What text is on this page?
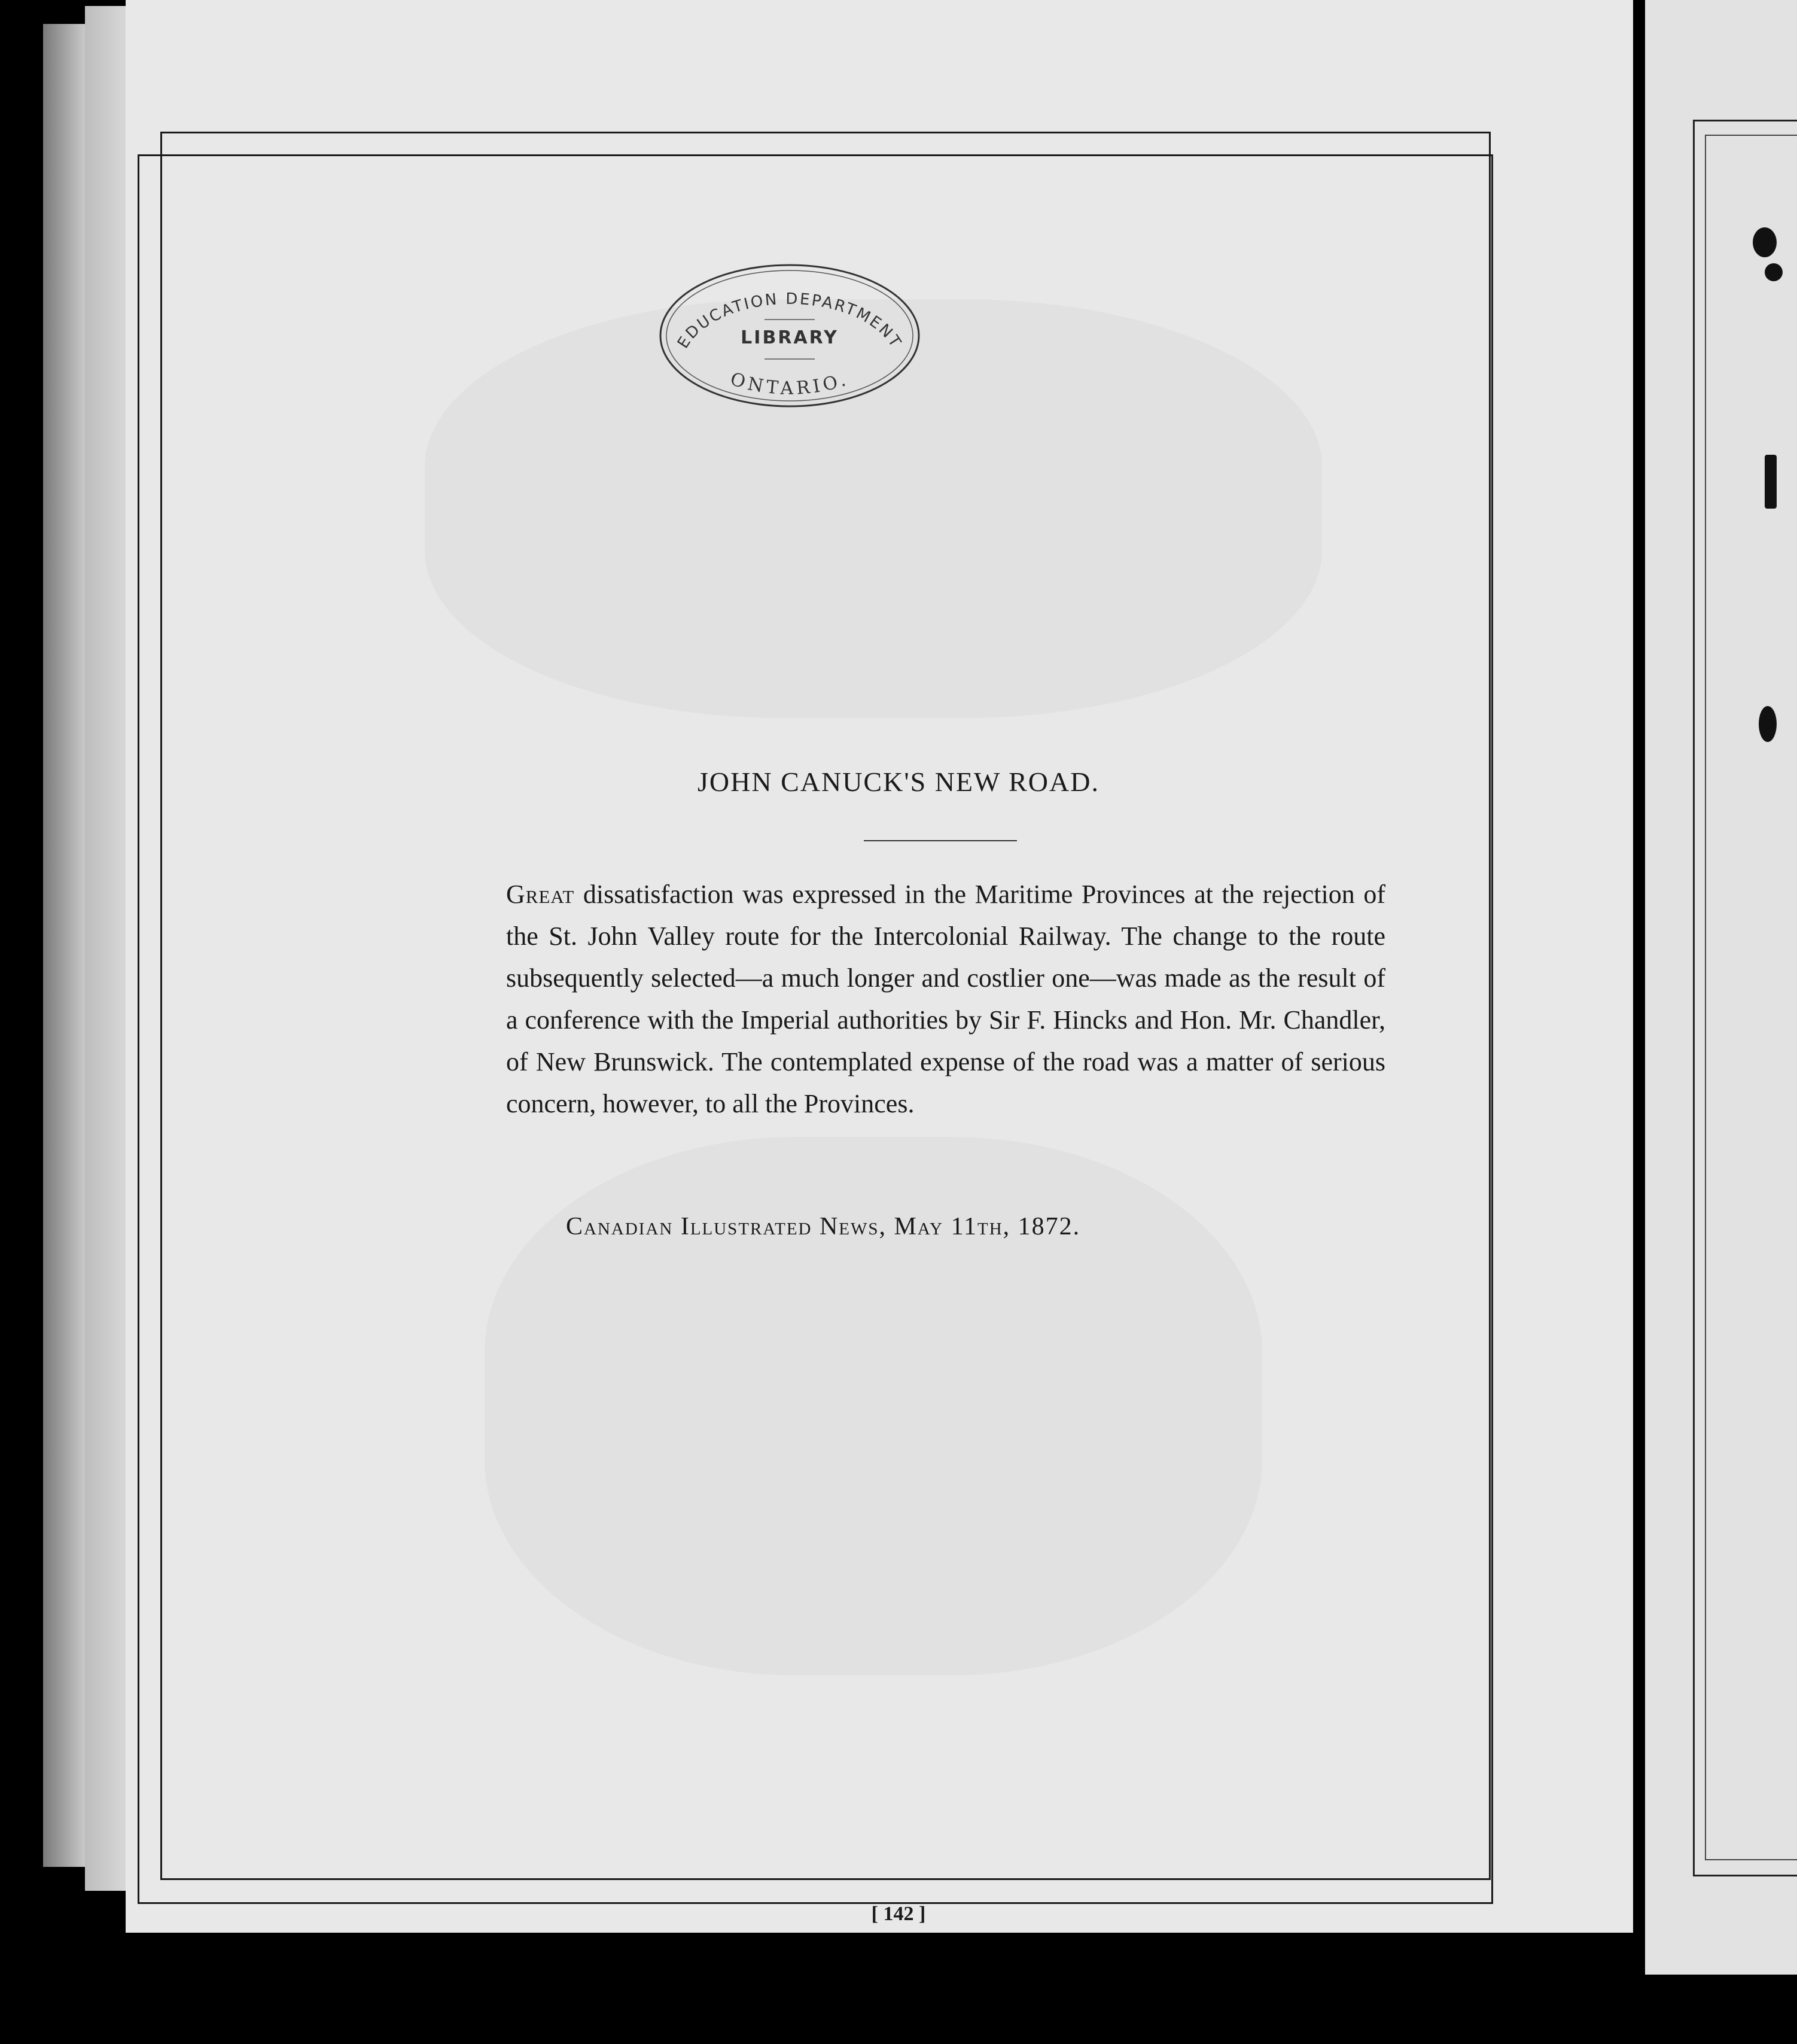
EDUCATION DEPARTMENT
LIBRARY
ONTARIO.
JOHN CANUCK'S NEW ROAD.
Great dissatisfaction was expressed in the Maritime Provinces at the rejection of the St. John Valley route for the Intercolonial Railway. The change to the route subsequently selected—a much longer and costlier one—was made as the result of a conference with the Imperial authorities by Sir F. Hincks and Hon. Mr. Chandler, of New Brunswick. The contemplated expense of the road was a matter of serious concern, however, to all the Provinces.
Canadian Illustrated News, May 11th, 1872.
[ 142 ]
